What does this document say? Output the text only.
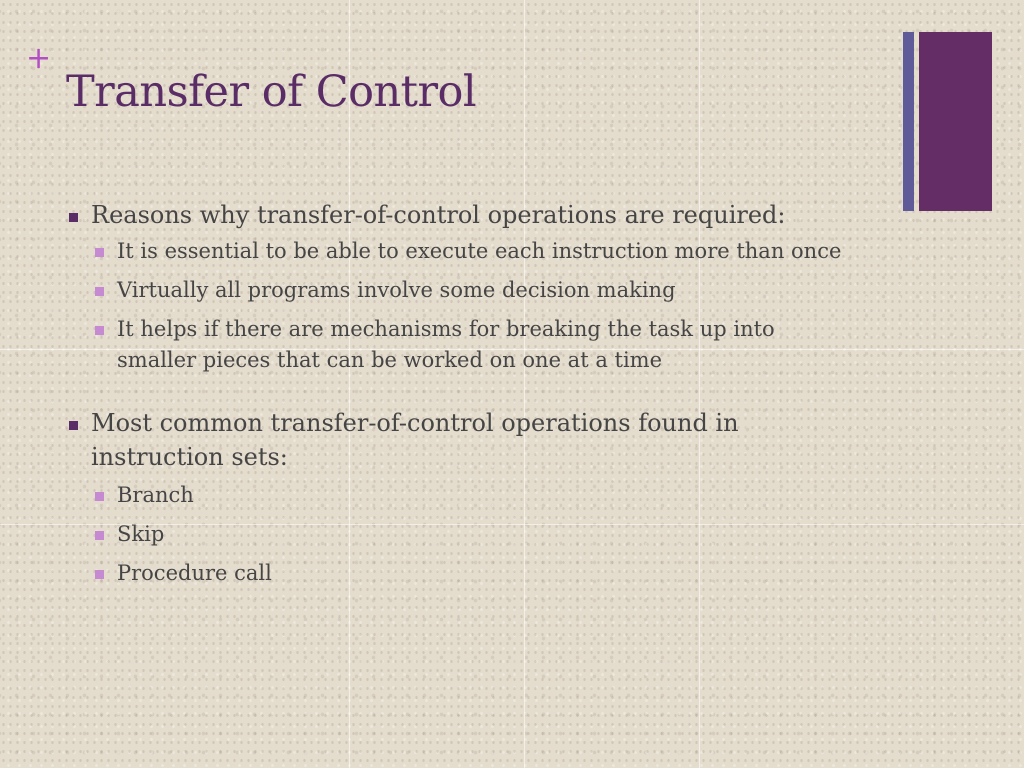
+
Transfer of Control
Reasons why transfer-of-control operations are required:
It is essential to be able to execute each instruction more than once
Virtually all programs involve some decision making
It helps if there are mechanisms for breaking the task up into smaller pieces that can be worked on one at a time
Most common transfer-of-control operations found in instruction sets:
Branch
Skip
Procedure call
